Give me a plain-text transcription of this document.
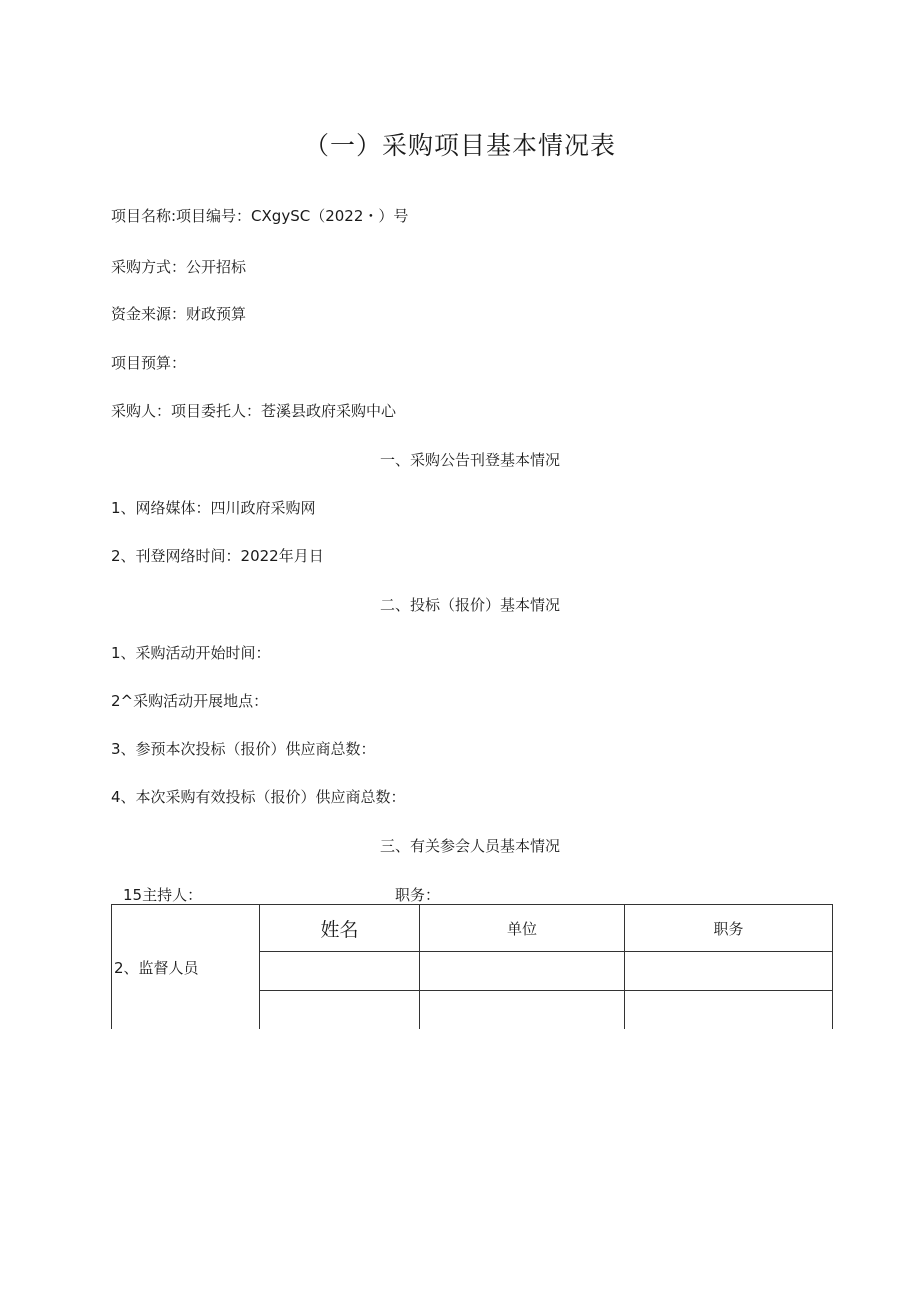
（一）采购项目基本情况表
项目名称:项目编号：CXgySC（2022・）号
采购方式：公开招标
资金来源：财政预算
项目预算：
采购人：项目委托人：苍溪县政府采购中心
一、采购公告刊登基本情况
1、网络媒体：四川政府采购网
2、刊登网络时间：2022年月日
二、投标（报价）基本情况
1、采购活动开始时间：
2^采购活动开展地点：
3、参预本次投标（报价）供应商总数：
4、本次采购有效投标（报价）供应商总数：
三、有关参会人员基本情况
15主持人：	职务：
2、监督人员	姓名	单位	职务
